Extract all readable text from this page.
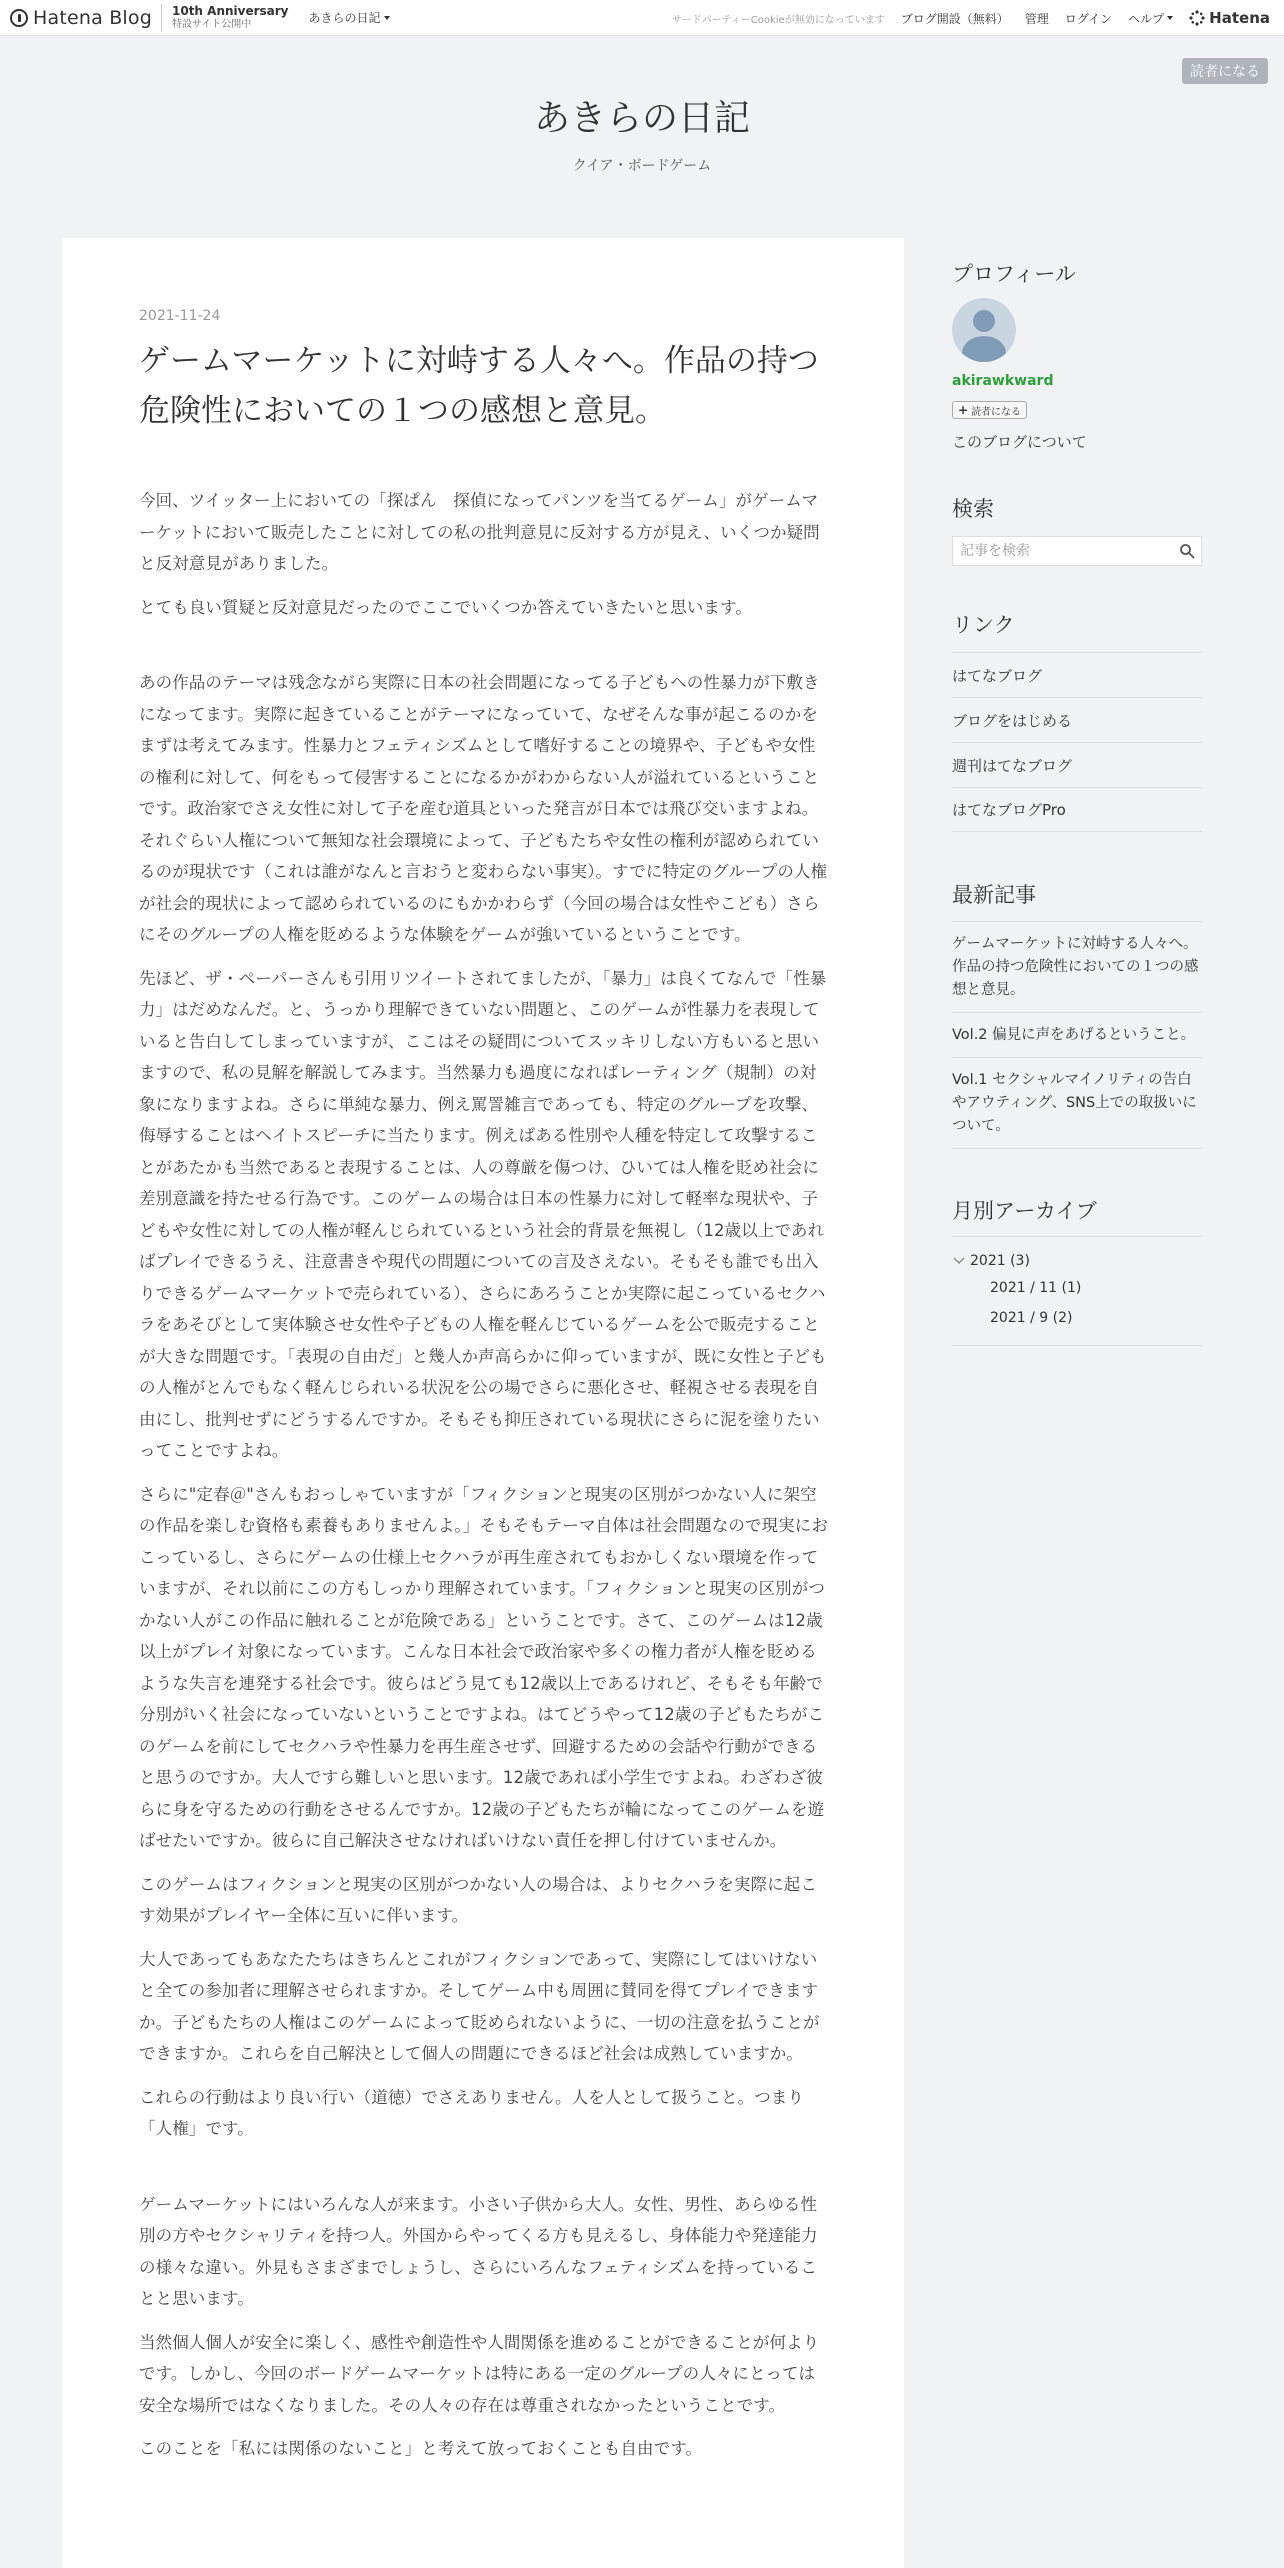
Hatena Blog 10th Anniversary
特設サイト公開中	あきらの日記	サードパーティーCookieが無効になっています ブログ開設（無料） 管理 ログイン ヘルプ	Hatena
読者になる
あきらの日記
クイア・ボードゲーム
2021-11-24
ゲームマーケットに対峙する人々へ。作品の持つ危険性においての１つの感想と意見。

今回、ツイッター上においての「探ぱん　探偵になってパンツを当てるゲーム」がゲームマーケットにおいて販売したことに対しての私の批判意見に反対する方が見え、いくつか疑問と反対意見がありました。

とても良い質疑と反対意見だったのでここでいくつか答えていきたいと思います。

あの作品のテーマは残念ながら実際に日本の社会問題になってる子どもへの性暴力が下敷きになってます。実際に起きていることがテーマになっていて、なぜそんな事が起こるのかをまずは考えてみます。性暴力とフェティシズムとして嗜好することの境界や、子どもや女性の権利に対して、何をもって侵害することになるかがわからない人が溢れているということです。政治家でさえ女性に対して子を産む道具といった発言が日本では飛び交いますよね。それぐらい人権について無知な社会環境によって、子どもたちや女性の権利が認められているのが現状です（これは誰がなんと言おうと変わらない事実）。すでに特定のグループの人権が社会的現状によって認められているのにもかかわらず（今回の場合は女性やこども）さらにそのグループの人権を貶めるような体験をゲームが強いているということです。

先ほど、ザ・ペーパーさんも引用リツイートされてましたが、「暴力」は良くてなんで「性暴力」はだめなんだ。と、うっかり理解できていない問題と、このゲームが性暴力を表現していると告白してしまっていますが、ここはその疑問についてスッキリしない方もいると思いますので、私の見解を解説してみます。当然暴力も過度になればレーティング（規制）の対象になりますよね。さらに単純な暴力、例え罵詈雑言であっても、特定のグループを攻撃、侮辱することはヘイトスピーチに当たります。例えばある性別や人種を特定して攻撃することがあたかも当然であると表現することは、人の尊厳を傷つけ、ひいては人権を貶め社会に差別意識を持たせる行為です。このゲームの場合は日本の性暴力に対して軽率な現状や、子どもや女性に対しての人権が軽んじられているという社会的背景を無視し（12歳以上であればプレイできるうえ、注意書きや現代の問題についての言及さえない。そもそも誰でも出入りできるゲームマーケットで売られている）、さらにあろうことか実際に起こっているセクハラをあそびとして実体験させ女性や子どもの人権を軽んじているゲームを公で販売することが大きな問題です。「表現の自由だ」と幾人か声高らかに仰っていますが、既に女性と子どもの人権がとんでもなく軽んじられいる状況を公の場でさらに悪化させ、軽視させる表現を自由にし、批判せずにどうするんですか。そもそも抑圧されている現状にさらに泥を塗りたいってことですよね。

さらに"定春＠"さんもおっしゃていますが「フィクションと現実の区別がつかない人に架空の作品を楽しむ資格も素養もありませんよ。」そもそもテーマ自体は社会問題なので現実におこっているし、さらにゲームの仕様上セクハラが再生産されてもおかしくない環境を作っていますが、それ以前にこの方もしっかり理解されています。「フィクションと現実の区別がつかない人がこの作品に触れることが危険である」ということです。さて、このゲームは12歳以上がプレイ対象になっています。こんな日本社会で政治家や多くの権力者が人権を貶めるような失言を連発する社会です。彼らはどう見ても12歳以上であるけれど、そもそも年齢で分別がいく社会になっていないということですよね。はてどうやって12歳の子どもたちがこのゲームを前にしてセクハラや性暴力を再生産させず、回避するための会話や行動ができると思うのですか。大人ですら難しいと思います。12歳であれば小学生ですよね。わざわざ彼らに身を守るための行動をさせるんですか。12歳の子どもたちが輪になってこのゲームを遊ばせたいですか。彼らに自己解決させなければいけない責任を押し付けていませんか。

このゲームはフィクションと現実の区別がつかない人の場合は、よりセクハラを実際に起こす効果がプレイヤー全体に互いに伴います。

大人であってもあなたたちはきちんとこれがフィクションであって、実際にしてはいけないと全ての参加者に理解させられますか。そしてゲーム中も周囲に賛同を得てプレイできますか。子どもたちの人権はこのゲームによって貶められないように、一切の注意を払うことができますか。これらを自己解決として個人の問題にできるほど社会は成熟していますか。

これらの行動はより良い行い（道徳）でさえありません。人を人として扱うこと。つまり「人権」です。

ゲームマーケットにはいろんな人が来ます。小さい子供から大人。女性、男性、あらゆる性別の方やセクシャリティを持つ人。外国からやってくる方も見えるし、身体能力や発達能力の様々な違い。外見もさまざまでしょうし、さらにいろんなフェティシズムを持っていることと思います。

当然個人個人が安全に楽しく、感性や創造性や人間関係を進めることができることが何よりです。しかし、今回のボードゲームマーケットは特にある一定のグループの人々にとっては安全な場所ではなくなりました。その人々の存在は尊重されなかったということです。

このことを「私には関係のないこと」と考えて放っておくことも自由です。

プロフィール
akirawkward
+ 読者になる
このブログについて
検索
記事を検索
リンク
はてなブログ
ブログをはじめる
週刊はてなブログ
はてなブログPro
最新記事
ゲームマーケットに対峙する人々へ。作品の持つ危険性においての１つの感想と意見。
Vol.2 偏見に声をあげるということ。
Vol.1 セクシャルマイノリティの告白やアウティング、SNS上での取扱いについて。
月別アーカイブ
2021 (3)
2021 / 11 (1)
2021 / 9 (2)
